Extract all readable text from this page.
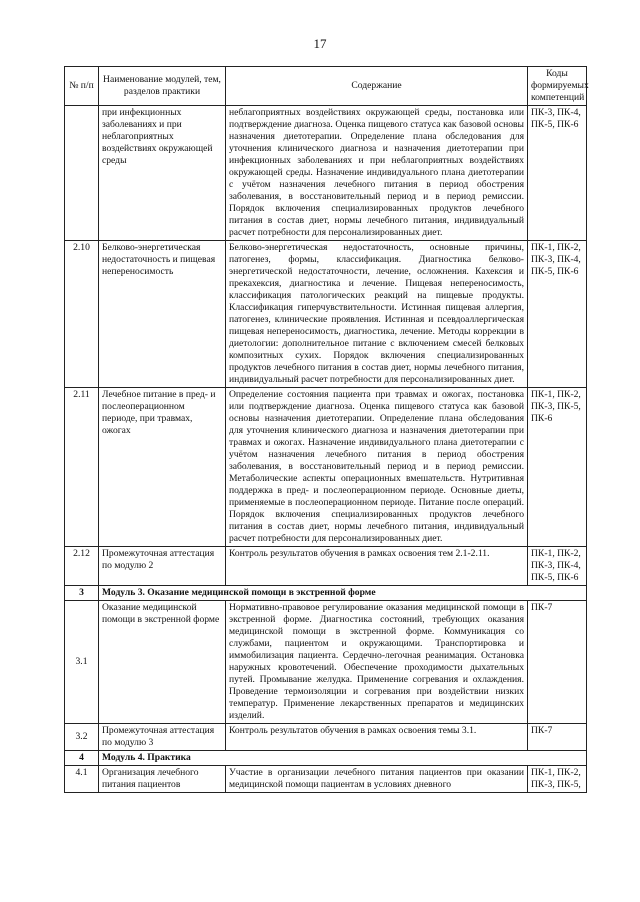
17
№ п/п	Наименование модулей, тем, разделов практики	Содержание	Коды формируемых компетенций
	при инфекционных заболеваниях и при неблагоприятных воздействиях окружающей среды	неблагоприятных воздействиях окружающей среды, постановка или подтверждение диагноза. Оценка пищевого статуса как базовой основы назначения диетотерапии. Определение плана обследования для уточнения клинического диагноза и назначения диетотерапии при инфекционных заболеваниях и при неблагоприятных воздействиях окружающей среды. Назначение индивидуального плана диетотерапии с учётом назначения лечебного питания в период обострения заболевания, в восстановительный период и в период ремиссии. Порядок включения специализированных продуктов лечебного питания в состав диет, нормы лечебного питания, индивидуальный расчет потребности для персонализированных диет.	ПК-3, ПК-4, ПК-5, ПК-6
2.10	Белково-энергетическая недостаточность и пищевая непереносимость	Белково-энергетическая недостаточность, основные причины, патогенез, формы, классификация. Диагностика белково-энергетической недостаточности, лечение, осложнения. Кахексия и прекахексия, диагностика и лечение. Пищевая непереносимость, классификация патологических реакций на пищевые продукты. Классификация гиперчувствительности. Истинная пищевая аллергия, патогенез, клинические проявления. Истинная и псевдоаллергическая пищевая непереносимость, диагностика, лечение. Методы коррекции в диетологии: дополнительное питание с включением смесей белковых композитных сухих. Порядок включения специализированных продуктов лечебного питания в состав диет, нормы лечебного питания, индивидуальный расчет потребности для персонализированных диет.	ПК-1, ПК-2, ПК-3, ПК-4, ПК-5, ПК-6
2.11	Лечебное питание в пред- и послеоперационном периоде, при травмах, ожогах	Определение состояния пациента при травмах и ожогах, постановка или подтверждение диагноза. Оценка пищевого статуса как базовой основы назначения диетотерапии. Определение плана обследования для уточнения клинического диагноза и назначения диетотерапии при травмах и ожогах. Назначение индивидуального плана диетотерапии с учётом назначения лечебного питания в период обострения заболевания, в восстановительный период и в период ремиссии. Метаболические аспекты операционных вмешательств. Нутритивная поддержка в пред- и послеоперационном периоде. Основные диеты, применяемые в послеоперационном периоде. Питание после операций. Порядок включения специализированных продуктов лечебного питания в состав диет, нормы лечебного питания, индивидуальный расчет потребности для персонализированных диет.	ПК-1, ПК-2, ПК-3, ПК-5, ПК-6
2.12	Промежуточная аттестация по модулю 2	Контроль результатов обучения в рамках освоения тем 2.1-2.11.	ПК-1, ПК-2, ПК-3, ПК-4, ПК-5, ПК-6
3	Модуль 3. Оказание медицинской помощи в экстренной форме		
3.1	Оказание медицинской помощи в экстренной форме	Нормативно-правовое регулирование оказания медицинской помощи в экстренной форме. Диагностика состояний, требующих оказания медицинской помощи в экстренной форме. Коммуникация со службами, пациентом и окружающими. Транспортировка и иммобилизация пациента. Сердечно-легочная реанимация. Остановка наружных кровотечений. Обеспечение проходимости дыхательных путей. Промывание желудка. Применение согревания и охлаждения. Проведение термоизоляции и согревания при воздействии низких температур. Применение лекарственных препаратов и медицинских изделий.	ПК-7
3.2	Промежуточная аттестация по модулю 3	Контроль результатов обучения в рамках освоения темы 3.1.	ПК-7
4	Модуль 4. Практика		
4.1	Организация лечебного питания пациентов	Участие в организации лечебного питания пациентов при оказании медицинской помощи пациентам в условиях дневного	ПК-1, ПК-2, ПК-3, ПК-5,
